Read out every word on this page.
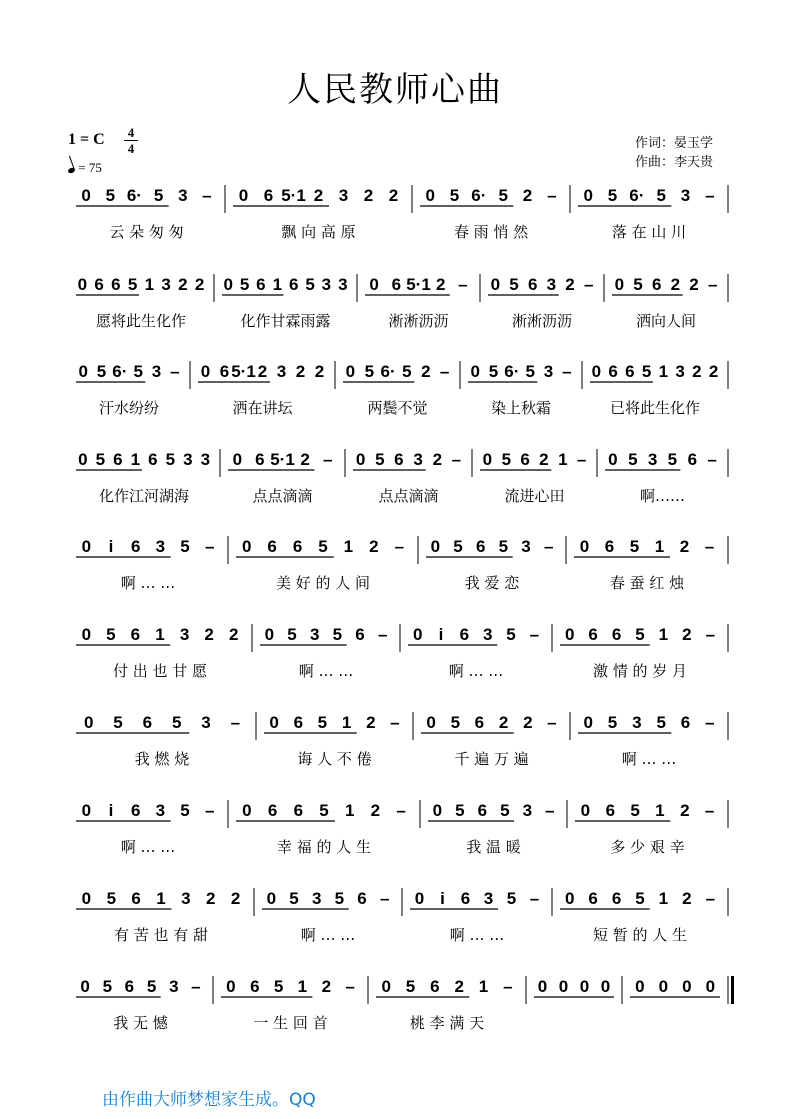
人民教师心曲
1 = C 4
4
= 75
作词：晏玉学
作曲：李天贵
0 5 6· 5 3 –
云 朵 匆 匆
0 6 5·1 2 3 2 2
飘 向 高 原
0 5 6· 5 2 –
春 雨 悄 然
0 5 6· 5 3 –
落 在 山 川
0 6 6 5 1 3 2 2
愿将此生化作
0 5 6 1 6 5 3 3
化作甘霖雨露
0 6 5·1 2 –
淅淅沥沥
0 5 6 3 2 –
淅淅沥沥
0 5 6 2 2 –
洒向人间
0 5 6· 5 3 –
汗水纷纷
0 6 5·1 2 3 2 2
洒在讲坛
0 5 6· 5 2 –
两鬓不觉
0 5 6· 5 3 –
染上秋霜
0 6 6 5 1 3 2 2
已将此生化作
0 5 6 1 6 5 3 3
化作江河湖海
0 6 5·1 2 –
点点滴滴
0 5 6 3 2 –
点点滴滴
0 5 6 2 1 –
流进心田
0 5 3 5 6 –
啊……
0 i 6 3 5 –
啊 … …
0 6 6 5 1 2 –
美 好 的 人 间
0 5 6 5 3 –
我 爱 恋
0 6 5 1 2 –
春 蚕 红 烛
0 5 6 1 3 2 2
付 出 也 甘 愿
0 5 3 5 6 –
啊 … …
0 i 6 3 5 –
啊 … …
0 6 6 5 1 2 –
激 情 的 岁 月
0 5 6 5 3 –
我 燃 烧
0 6 5 1 2 –
诲 人 不 倦
0 5 6 2 2 –
千 遍 万 遍
0 5 3 5 6 –
啊 … …
0 i 6 3 5 –
啊 … …
0 6 6 5 1 2 –
幸 福 的 人 生
0 5 6 5 3 –
我 温 暖
0 6 5 1 2 –
多 少 艰 辛
0 5 6 1 3 2 2
有 苦 也 有 甜
0 5 3 5 6 –
啊 … …
0 i 6 3 5 –
啊 … …
0 6 6 5 1 2 –
短 暂 的 人 生
0 5 6 5 3 –
我 无 憾
0 6 5 1 2 –
一 生 回 首
0 5 6 2 1 –
桃 李 满 天
0 0 0 0 0 0 0 0
由作曲大师梦想家生成。QQ
